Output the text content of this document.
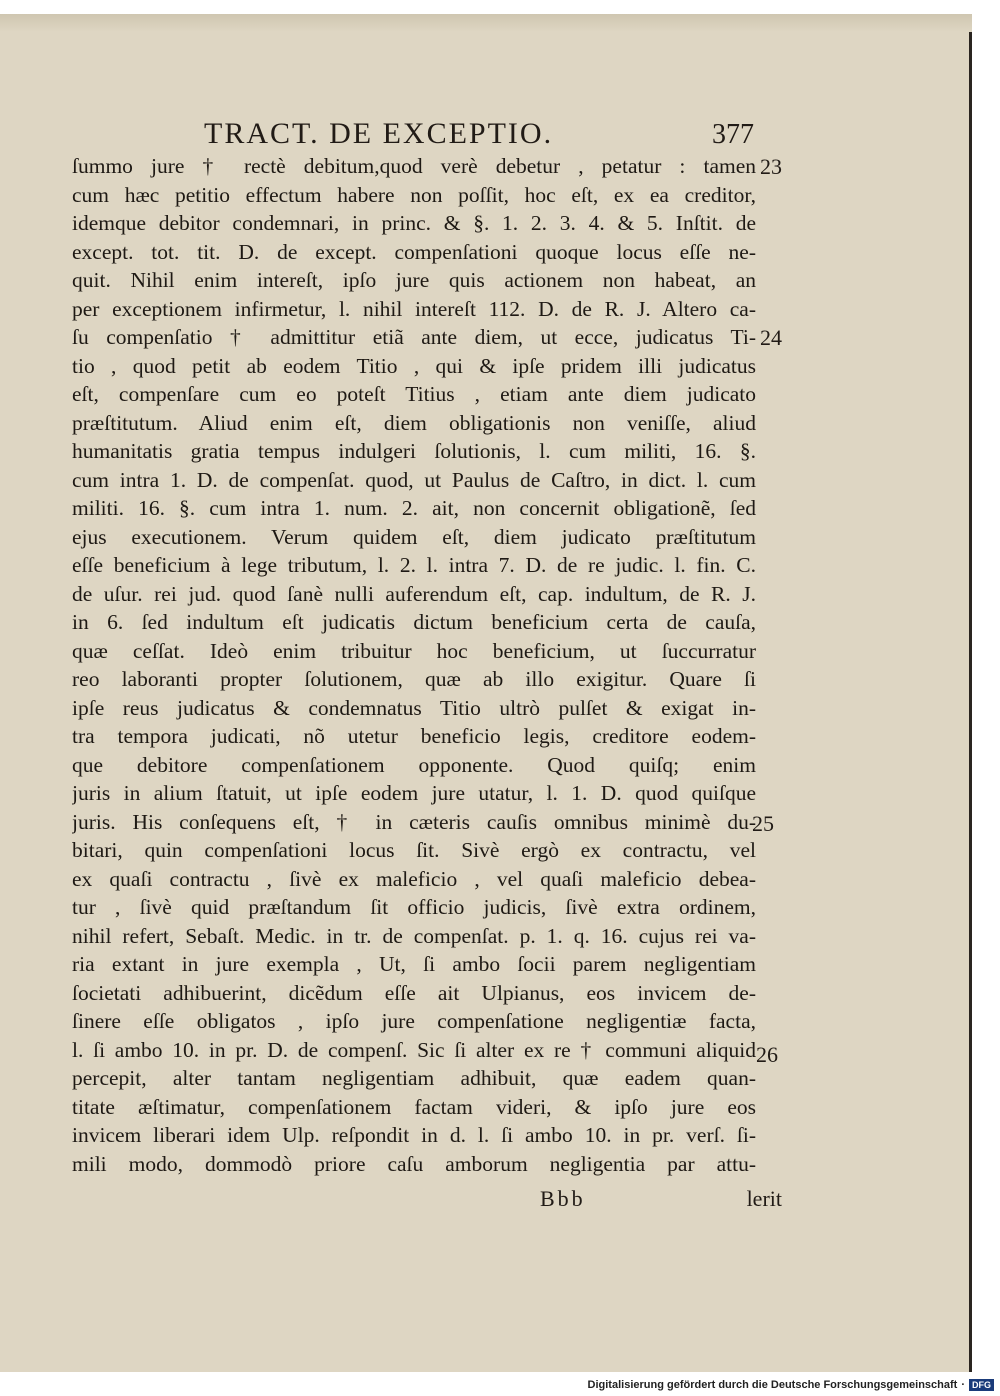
TRACT. DE EXCEPTIO.	377
ſummo jure † rectè debitum,quod verè debetur , petatur : tamen
cum hæc petitio effectum habere non poſſit, hoc eſt, ex ea creditor,
idemque debitor condemnari, in princ. & §. 1. 2. 3. 4. & 5. Inſtit. de
except. tot. tit. D. de except. compenſationi quoque locus eſſe ne-
quit. Nihil enim intereſt, ipſo jure quis actionem non habeat, an
per exceptionem infirmetur, l. nihil intereſt 112. D. de R. J. Altero ca-
ſu compenſatio † admittitur etiã ante diem, ut ecce, judicatus Ti-
tio , quod petit ab eodem Titio , qui & ipſe pridem illi judicatus
eſt, compenſare cum eo poteſt Titius , etiam ante diem judicato
præſtitutum. Aliud enim eſt, diem obligationis non veniſſe, aliud
humanitatis gratia tempus indulgeri ſolutionis, l. cum militi, 16. §.
cum intra 1. D. de compenſat. quod, ut Paulus de Caſtro, in dict. l. cum
militi. 16. §. cum intra 1. num. 2. ait, non concernit obligationẽ, ſed
ejus executionem. Verum quidem eſt, diem judicato præſtitutum
eſſe beneficium à lege tributum, l. 2. l. intra 7. D. de re judic. l. fin. C.
de uſur. rei jud. quod ſanè nulli auferendum eſt, cap. indultum, de R. J.
in 6. ſed indultum eſt judicatis dictum beneficium certa de cauſa,
quæ ceſſat. Ideò enim tribuitur hoc beneficium, ut ſuccurratur
reo laboranti propter ſolutionem, quæ ab illo exigitur. Quare ſi
ipſe reus judicatus & condemnatus Titio ultrò pulſet & exigat in-
tra tempora judicati, nõ utetur beneficio legis, creditore eodem-
que debitore compenſationem opponente. Quod quiſq; enim
juris in alium ſtatuit, ut ipſe eodem jure utatur, l. 1. D. quod quiſque
juris. His conſequens eſt, † in cæteris cauſis omnibus minimè du-
bitari, quin compenſationi locus ſit. Sivè ergò ex contractu, vel
ex quaſi contractu , ſivè ex maleficio , vel quaſi maleficio debea-
tur , ſivè quid præſtandum ſit officio judicis, ſivè extra ordinem,
nihil refert, Sebaſt. Medic. in tr. de compenſat. p. 1. q. 16. cujus rei va-
ria extant in jure exempla , Ut, ſi ambo ſocii parem negligentiam
ſocietati adhibuerint, dicẽdum eſſe ait Ulpianus, eos invicem de-
ſinere eſſe obligatos , ipſo jure compenſatione negligentiæ facta,
l. ſi ambo 10. in pr. D. de compenſ. Sic ſi alter ex re † communi aliquid
percepit, alter tantam negligentiam adhibuit, quæ eadem quan-
titate æſtimatur, compenſationem factam videri, & ipſo jure eos
invicem liberari idem Ulp. reſpondit in d. l. ſi ambo 10. in pr. verſ. ſi-
mili modo, dommodò priore caſu amborum negligentia par attu-
23
24
25
26
Bbb	lerit
Digitalisierung gefördert durch die Deutsche Forschungsgemeinschaft · DFG
